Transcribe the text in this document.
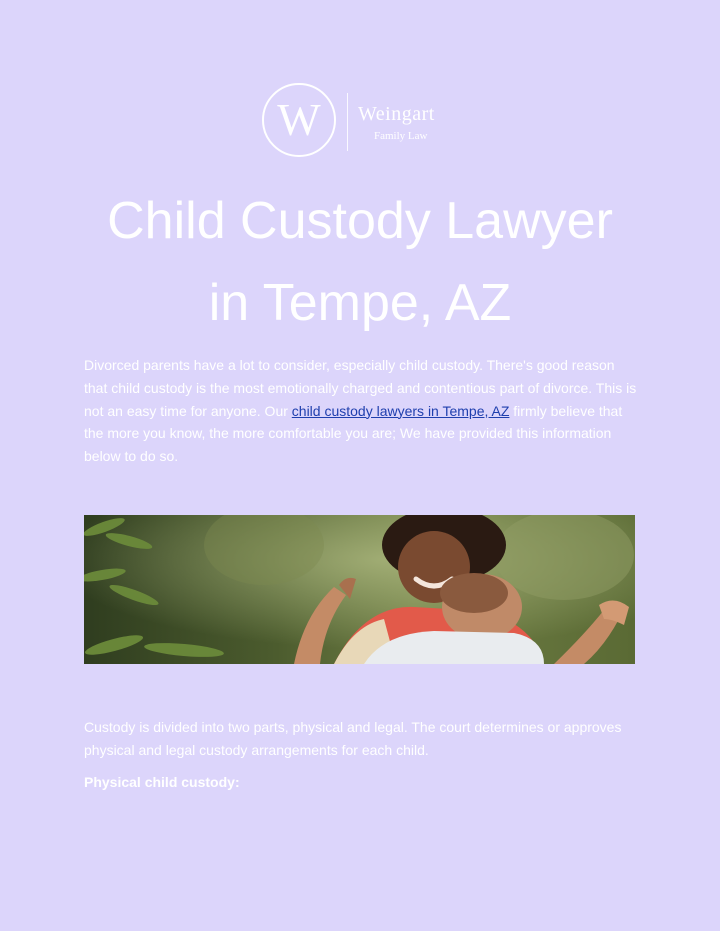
W	Weingart
Family Law
Child Custody Lawyer
in Tempe, AZ

Divorced parents have a lot to consider, especially child custody. There's good reason that child custody is the most emotionally charged and contentious part of divorce. This is not an easy time for anyone. Our child custody lawyers in Tempe, AZ firmly believe that the more you know, the more comfortable you are; We have provided this information below to do so.

Custody is divided into two parts, physical and legal. The court determines or approves physical and legal custody arrangements for each child.

Physical child custody:
